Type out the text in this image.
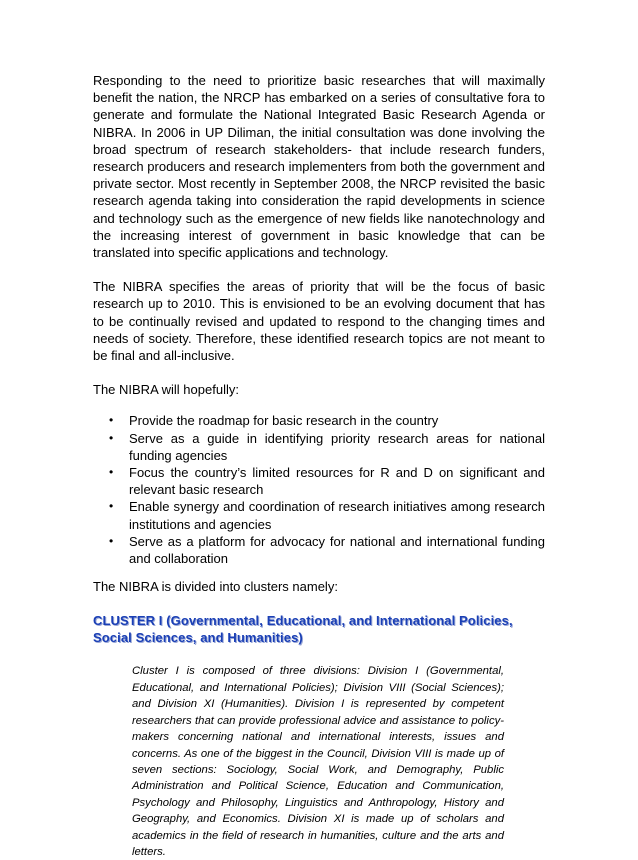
Responding to the need to prioritize basic researches that will maximally benefit the nation, the NRCP has embarked on a series of consultative fora to generate and formulate the National Integrated Basic Research Agenda or NIBRA. In 2006 in UP Diliman, the initial consultation was done involving the broad spectrum of research stakeholders- that include research funders, research producers and research implementers from both the government and private sector. Most recently in September 2008, the NRCP revisited the basic research agenda taking into consideration the rapid developments in science and technology such as the emergence of new fields like nanotechnology and the increasing interest of government in basic knowledge that can be translated into specific applications and technology.

The NIBRA specifies the areas of priority that will be the focus of basic research up to 2010. This is envisioned to be an evolving document that has to be continually revised and updated to respond to the changing times and needs of society. Therefore, these identified research topics are not meant to be final and all-inclusive.

The NIBRA will hopefully:

• Provide the roadmap for basic research in the country
• Serve as a guide in identifying priority research areas for national funding agencies
• Focus the country’s limited resources for R and D on significant and relevant basic research
• Enable synergy and coordination of research initiatives among research institutions and agencies
• Serve as a platform for advocacy for national and international funding and collaboration

The NIBRA is divided into clusters namely:

CLUSTER I (Governmental, Educational, and International Policies, Social Sciences, and Humanities)

Cluster I is composed of three divisions: Division I (Governmental, Educational, and International Policies); Division VIII (Social Sciences); and Division XI (Humanities). Division I is represented by competent researchers that can provide professional advice and assistance to policy-makers concerning national and international interests, issues and concerns. As one of the biggest in the Council, Division VIII is made up of seven sections: Sociology, Social Work, and Demography, Public Administration and Political Science, Education and Communication, Psychology and Philosophy, Linguistics and Anthropology, History and Geography, and Economics. Division XI is made up of scholars and academics in the field of research in humanities, culture and the arts and letters.
